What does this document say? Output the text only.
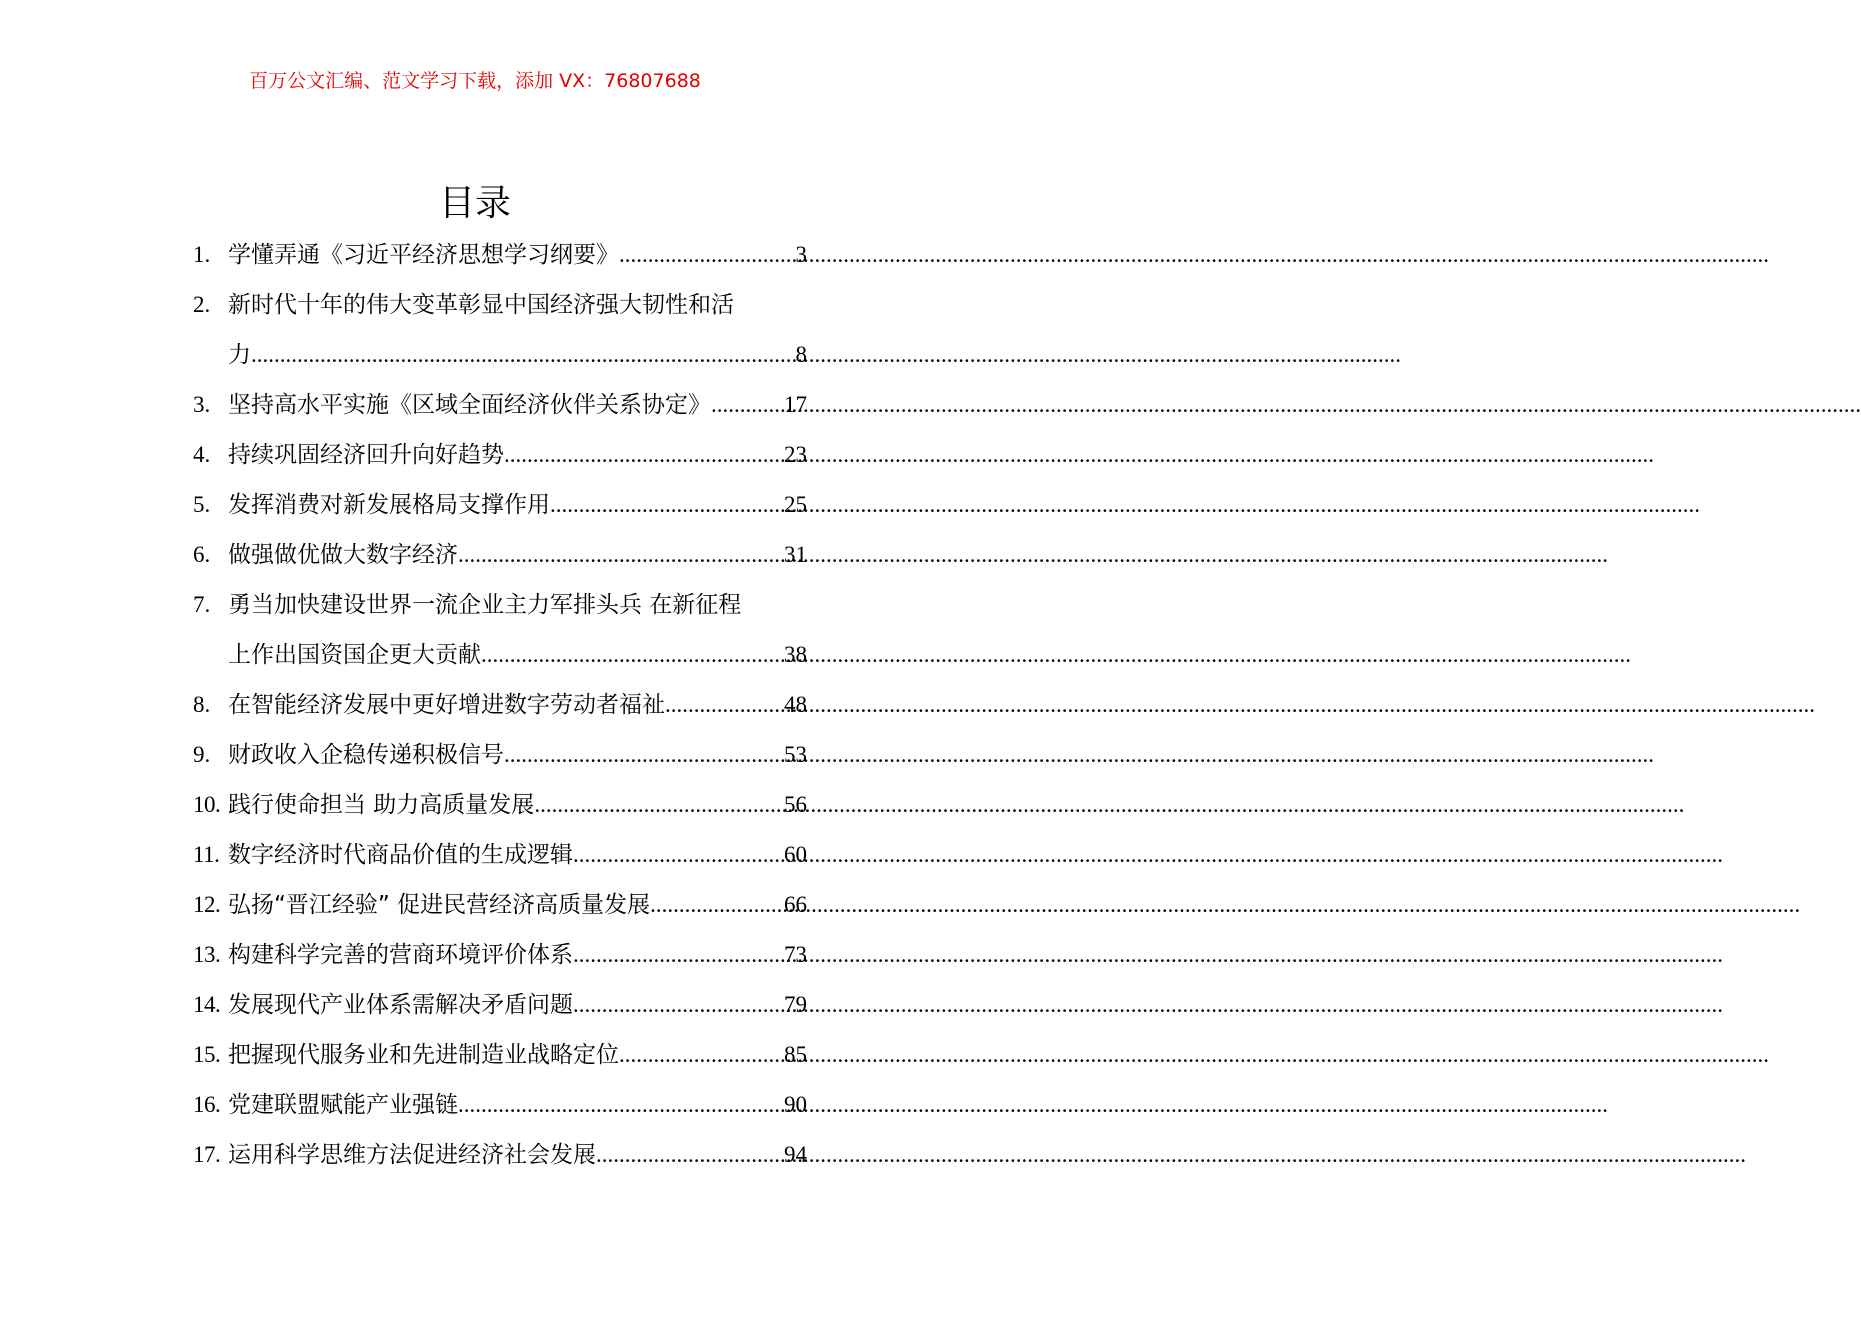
百万公文汇编、范文学习下载，添加 VX：76807688
目录
1. 学懂弄通《习近平经济思想学习纲要》 .....	3
2. 新时代十年的伟大变革彰显中国经济强大韧性和活
力 .....	8
3. 坚持高水平实施《区域全面经济伙伴关系协定》 .....	17
4. 持续巩固经济回升向好趋势 .....	23
5. 发挥消费对新发展格局支撑作用 .....	25
6. 做强做优做大数字经济 .....	31
7. 勇当加快建设世界一流企业主力军排头兵 在新征程
上作出国资国企更大贡献 .....	38
8. 在智能经济发展中更好增进数字劳动者福祉 .....	48
9. 财政收入企稳传递积极信号 .....	53
10. 践行使命担当 助力高质量发展 .....	56
11. 数字经济时代商品价值的生成逻辑 .....	60
12. 弘扬“晋江经验” 促进民营经济高质量发展 .....	66
13. 构建科学完善的营商环境评价体系 .....	73
14. 发展现代产业体系需解决矛盾问题 .....	79
15. 把握现代服务业和先进制造业战略定位 .....	85
16. 党建联盟赋能产业强链 .....	90
17. 运用科学思维方法促进经济社会发展 .....	94
